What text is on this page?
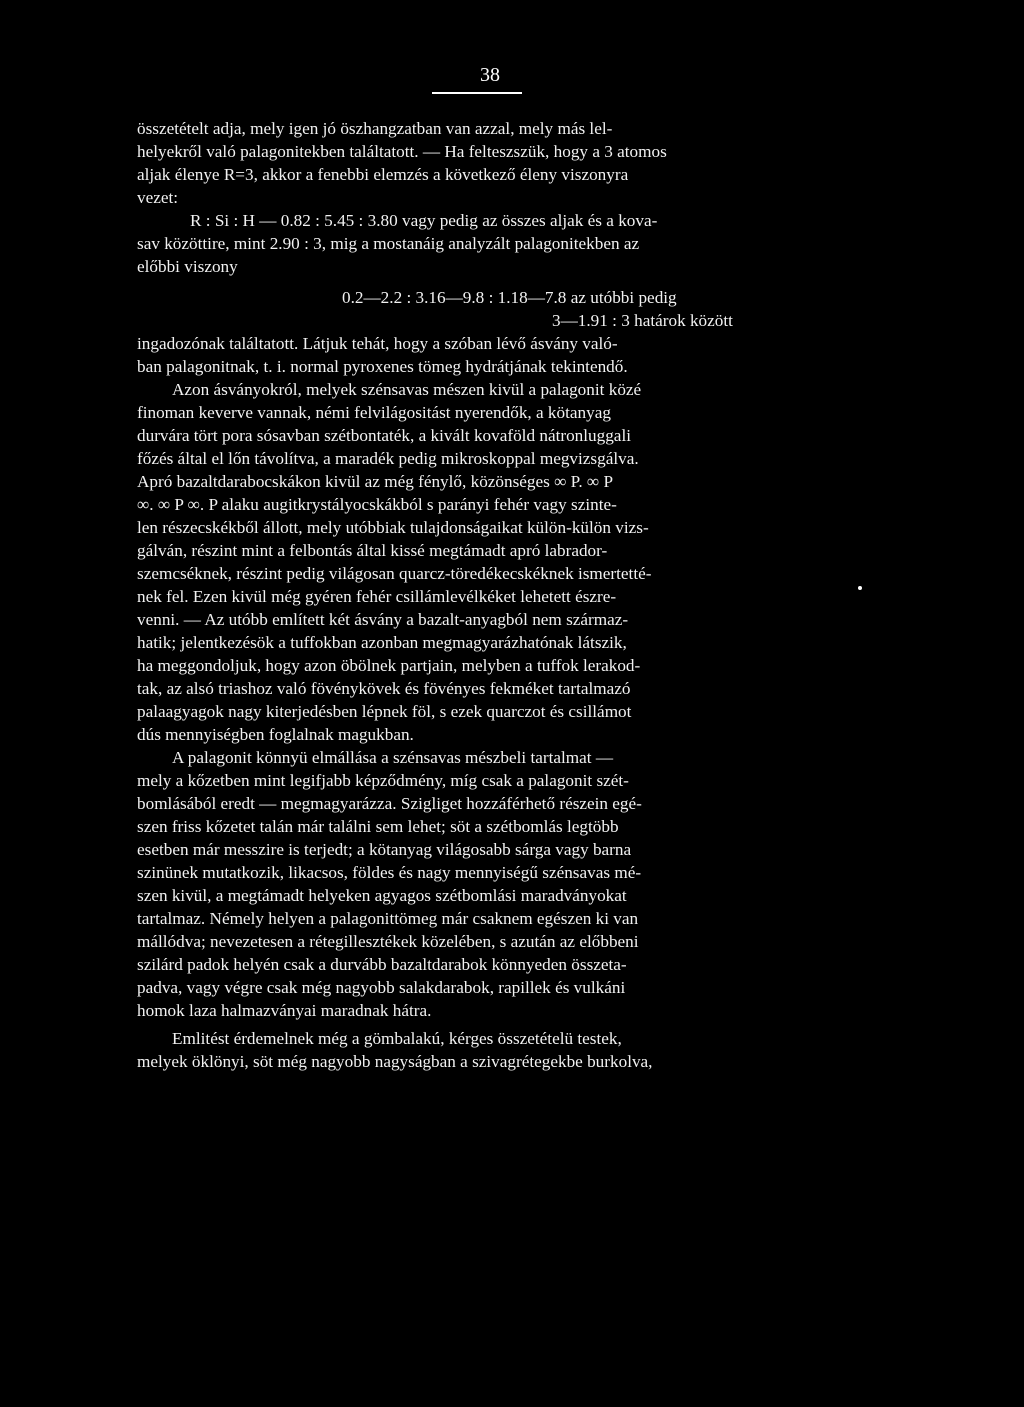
38
összetételt adja, mely igen jó öszhangzatban van azzal, mely más lel-
helyekről való palagonitekben találtatott. — Ha felteszszük, hogy a 3 atomos
aljak élenye R=3, akkor a fenebbi elemzés a következő éleny viszonyra
vezet:
R : Si : H — 0.82 : 5.45 : 3.80 vagy pedig az összes aljak és a kova-
sav közöttire, mint 2.90 : 3, mig a mostanáig analyzált palagonitekben az
előbbi viszony
0.2—2.2 : 3.16—9.8 : 1.18—7.8 az utóbbi pedig
3—1.91 : 3 határok között
ingadozónak találtatott. Látjuk tehát, hogy a szóban lévő ásvány való-
ban palagonitnak, t. i. normal pyroxenes tömeg hydrátjának tekintendő.
Azon ásványokról, melyek szénsavas mészen kivül a palagonit közé
finoman keverve vannak, némi felvilágositást nyerendők, a kötanyag
durvára tört pora sósavban szétbontaték, a kivált kovaföld nátronluggali
főzés által el lőn távolítva, a maradék pedig mikroskoppal megvizsgálva.
Apró bazaltdarabocskákon kivül az még fénylő, közönséges ∞ P. ∞ P
∞. ∞ P ∞. P alaku augitkrystályocskákból s parányi fehér vagy szinte-
len részecskékből állott, mely utóbbiak tulajdonságaikat külön-külön vizs-
gálván, részint mint a felbontás által kissé megtámadt apró labrador-
szemcséknek, részint pedig világosan quarcz-töredékecskéknek ismertetté-
nek fel. Ezen kivül még gyéren fehér csillámlevélkéket lehetett észre-
venni. — Az utóbb említett két ásvány a bazalt-anyagból nem származ-
hatik; jelentkezésök a tuffokban azonban megmagyarázhatónak látszik,
ha meggondoljuk, hogy azon öbölnek partjain, melyben a tuffok lerakod-
tak, az alsó triashoz való fövénykövek és fövényes fekméket tartalmazó
palaagyagok nagy kiterjedésben lépnek föl, s ezek quarczot és csillámot
dús mennyiségben foglalnak magukban.
A palagonit könnyü elmállása a szénsavas mészbeli tartalmat —
mely a kőzetben mint legifjabb képződmény, míg csak a palagonit szét-
bomlásából eredt — megmagyarázza. Szigliget hozzáférhető részein egé-
szen friss kőzetet talán már találni sem lehet; söt a szétbomlás legtöbb
esetben már messzire is terjedt; a kötanyag világosabb sárga vagy barna
szinünek mutatkozik, likacsos, földes és nagy mennyiségű szénsavas mé-
szen kivül, a megtámadt helyeken agyagos szétbomlási maradványokat
tartalmaz. Némely helyen a palagonittömeg már csaknem egészen ki van
mállódva; nevezetesen a rétegillesztékek közelében, s azután az előbbeni
szilárd padok helyén csak a durvább bazaltdarabok könnyeden összeta-
padva, vagy végre csak még nagyobb salakdarabok, rapillek és vulkáni
homok laza halmazványai maradnak hátra.
Emlitést érdemelnek még a gömbalakú, kérges összetételü testek,
melyek öklönyi, söt még nagyobb nagyságban a szivagrétegekbe burkolva,
